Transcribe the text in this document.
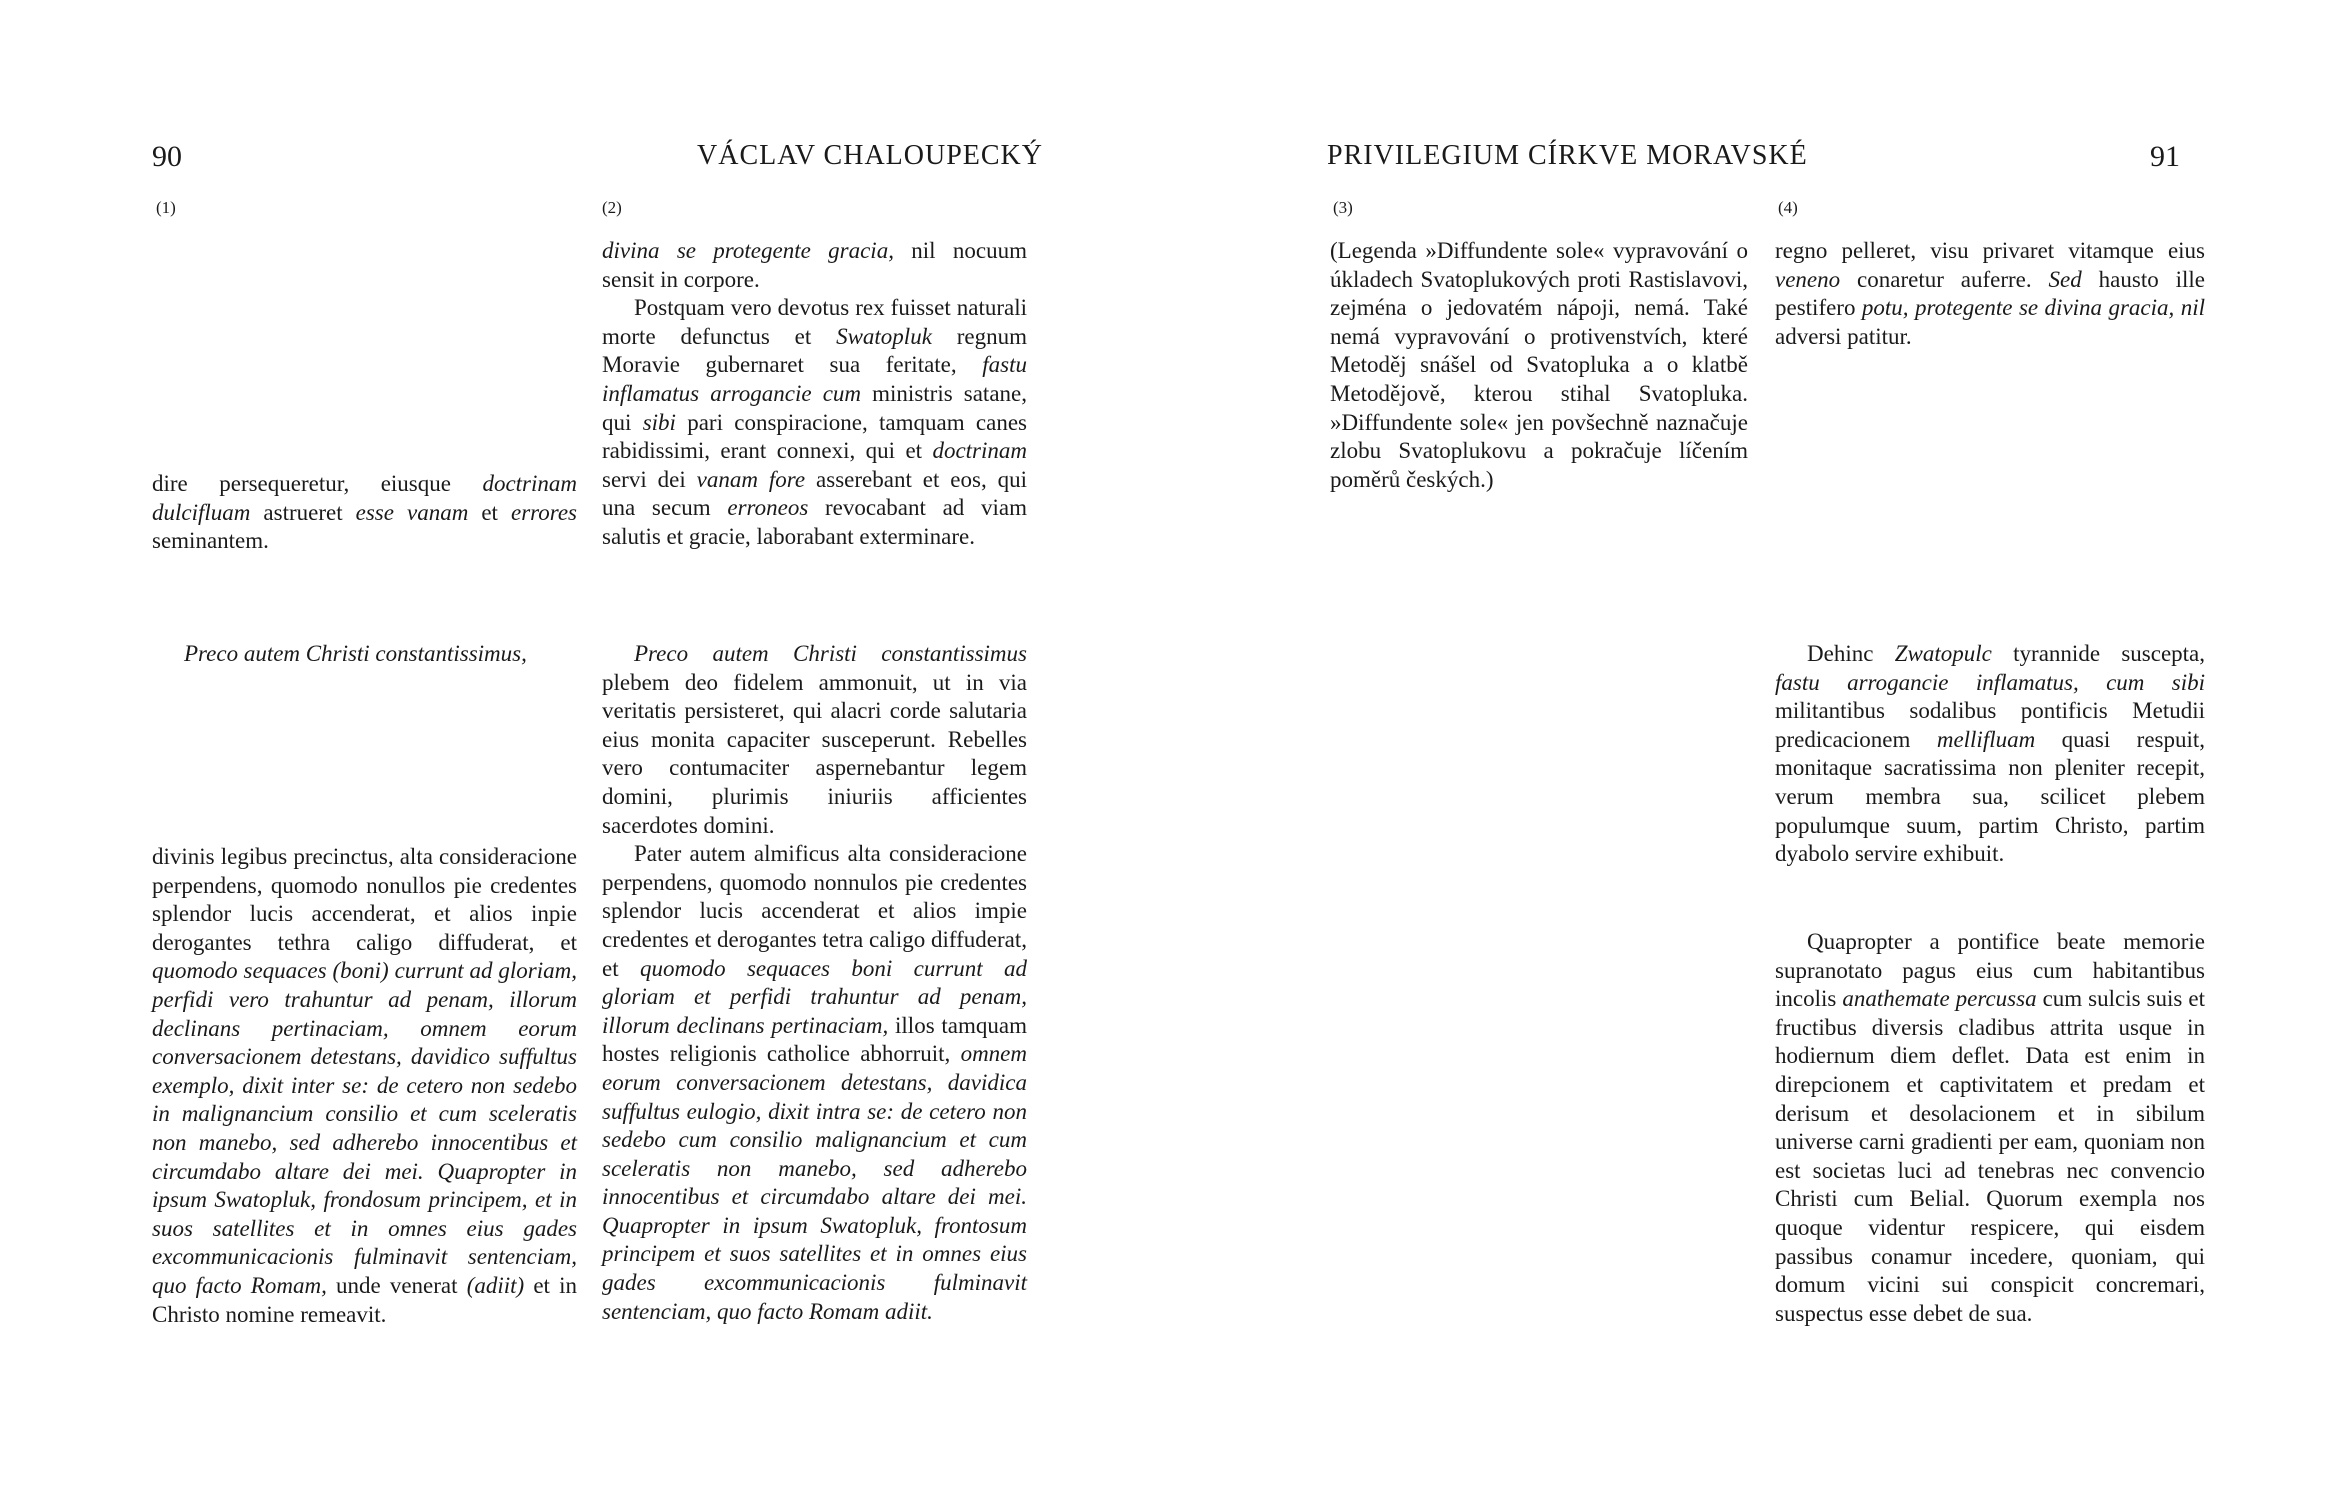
90	VÁCLAV CHALOUPECKÝ
(1)	(2)

dire persequeretur, eiusque doctrinam dulcifluam astrueret esse vanam et errores seminantem.

Preco autem Christi constantissimus,

divinis legibus precinctus, alta consideracione perpendens, quomodo nonullos pie credentes splendor lucis accenderat, et alios inpie derogantes tethra caligo diffuderat, et quomodo sequaces (boni) currunt ad gloriam, perfidi vero trahuntur ad penam, illorum declinans pertinaciam, omnem eorum conversacionem detestans, davidico suffultus exemplo, dixit inter se: de cetero non sedebo in malignancium consilio et cum sceleratis non manebo, sed adherebo innocentibus et circumdabo altare dei mei. Quapropter in ipsum Swatopluk, frondosum principem, et in suos satellites et in omnes eius gades excommunicacionis fulminavit sentenciam, quo facto Romam, unde venerat (adiit) et in Christo nomine remeavit.

divina se protegente gracia, nil nocuum sensit in corpore.

Postquam vero devotus rex fuisset naturali morte defunctus et Swatopluk regnum Moravie gubernaret sua feritate, fastu inflamatus arrogancie cum ministris satane, qui sibi pari conspiracione, tamquam canes rabidissimi, erant connexi, qui et doctrinam servi dei vanam fore asserebant et eos, qui una secum erroneos revocabant ad viam salutis et gracie, laborabant exterminare.

Preco autem Christi constantissimus plebem deo fidelem ammonuit, ut in via veritatis persisteret, qui alacri corde salutaria eius monita capaciter susceperunt. Rebelles vero contumaciter aspernebantur legem domini, plurimis iniuriis afficientes sacerdotes domini.

Pater autem almificus alta consideracione perpendens, quomodo nonnulos pie credentes splendor lucis accenderat et alios impie credentes et derogantes tetra caligo diffuderat, et quomodo sequaces boni currunt ad gloriam et perfidi trahuntur ad penam, illorum declinans pertinaciam, illos tamquam hostes religionis catholice abhorruit, omnem eorum conversacionem detestans, davidica suffultus eulogio, dixit intra se: de cetero non sedebo cum consilio malignancium et cum sceleratis non manebo, sed adherebo innocentibus et circumdabo altare dei mei. Quapropter in ipsum Swatopluk, frontosum principem et suos satellites et in omnes eius gades excommunicacionis fulminavit sentenciam, quo facto Romam adiit.

PRIVILEGIUM CÍRKVE MORAVSKÉ	91
(3)	(4)

(Legenda »Diffundente sole« vypravování o úkladech Svatoplukových proti Rastislavovi, zejména o jedovatém nápoji, nemá. Také nemá vypravování o protivenstvích, které Metoděj snášel od Svatopluka a o klatbě Metodějově, kterou stihal Svatopluka. »Diffundente sole« jen povšechně naznačuje zlobu Svatoplukovu a pokračuje líčením poměrů českých.)

regno pelleret, visu privaret vitamque eius veneno conaretur auferre. Sed hausto ille pestifero potu, protegente se divina gracia, nil adversi patitur.

Dehinc Zwatopulc tyrannide suscepta, fastu arrogancie inflamatus, cum sibi militantibus sodalibus pontificis Metudii predicacionem mellifluam quasi respuit, monitaque sacratissima non pleniter recepit, verum membra sua, scilicet plebem populumque suum, partim Christo, partim dyabolo servire exhibuit.

Quapropter a pontifice beate memorie supranotato pagus eius cum habitantibus incolis anathemate percussa cum sulcis suis et fructibus diversis cladibus attrita usque in hodiernum diem deflet. Data est enim in direpcionem et captivitatem et predam et derisum et desolacionem et in sibilum universe carni gradienti per eam, quoniam non est societas luci ad tenebras nec convencio Christi cum Belial. Quorum exempla nos quoque videntur respicere, qui eisdem passibus conamur incedere, quoniam, qui domum vicini sui conspicit concremari, suspectus esse debet de sua.
